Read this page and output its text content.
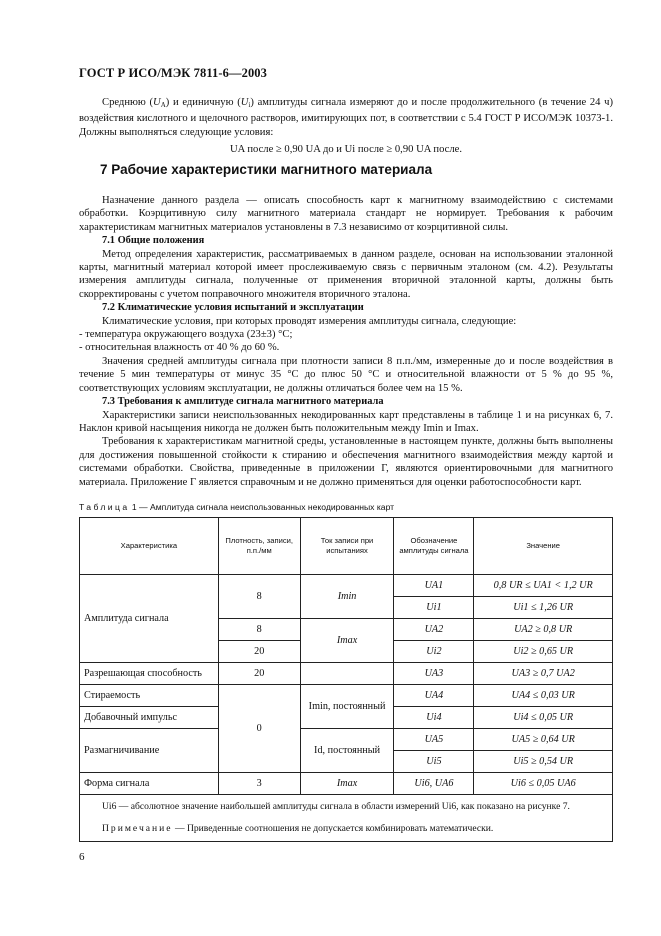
ГОСТ Р ИСО/МЭК 7811-6—2003

Среднюю $(U_A)$ и единичную $(U_i)$ амплитуды сигнала измеряют до и после продолжительного (в течение 24 ч) воздействия кислотного и щелочного растворов, имитирующих пот, в соответствии с 5.4 ГОСТ Р ИСО/МЭК 10373-1. Должны выполняться следующие условия:

UA после ≥ 0,90 UA до и Ui после ≥ 0,90 UA после.

7 Рабочие характеристики магнитного материала

Назначение данного раздела — описать способность карт к магнитному взаимодействию с системами обработки. Коэрцитивную силу магнитного материала стандарт не нормирует. Требования к рабочим характеристикам магнитных материалов установлены в 7.3 независимо от коэрцитивной силы.

7.1 Общие положения

Метод определения характеристик, рассматриваемых в данном разделе, основан на использовании эталонной карты, магнитный материал которой имеет прослеживаемую связь с первичным эталоном (см. 4.2). Результаты измерения амплитуды сигнала, полученные от применения вторичной эталонной карты, должны быть скорректированы с учетом поправочного множителя вторичного эталона.

7.2 Климатические условия испытаний и эксплуатации

Климатические условия, при которых проводят измерения амплитуды сигнала, следующие:

- температура окружающего воздуха (23±3) °С;

- относительная влажность от 40 % до 60 %.

Значения средней амплитуды сигнала при плотности записи 8 п.п./мм, измеренные до и после воздействия в течение 5 мин температуры от минус 35 °С до плюс 50 °С и относительной влажности от 5 % до 95 %, соответствующих условиям эксплуатации, не должны отличаться более чем на 15 %.

7.3 Требования к амплитуде сигнала магнитного материала

Характеристики записи неиспользованных некодированных карт представлены в таблице 1 и на рисунках 6, 7. Наклон кривой насыщения никогда не должен быть положительным между Imin и Imax.

Требования к характеристикам магнитной среды, установленные в настоящем пункте, должны быть выполнены для достижения повышенной стойкости к стиранию и обеспечения магнитного взаимодействия между картой и системами обработки. Свойства, приведенные в приложении Г, являются ориентировочными для магнитного материала. Приложение Г является справочным и не должно применяться для оценки работоспособности карт.

Таблица 1 — Амплитуда сигнала неиспользованных некодированных карт
Характеристика	Плотность, записи, п.п./мм	Ток записи при испытаниях	Обозначение амплитуды сигнала	Значение
Амплитуда сигнала	8	Imin	UA1	0,8 UR ≤ UA1 < 1,2 UR
			Ui1	Ui1 ≤ 1,26 UR
	8	Imax	UA2	UA2 ≥ 0,8 UR
	20		Ui2	Ui2 ≥ 0,65 UR
Разрешающая способность	20		UA3	UA3 ≥ 0,7 UA2
Стираемость	0	Imin, постоянный	UA4	UA4 ≤ 0,03 UR
Добавочный импульс			Ui4	Ui4 ≤ 0,05 UR
Размагничивание		Id, постоянный	UA5	UA5 ≥ 0,64 UR
			Ui5	Ui5 ≥ 0,54 UR
Форма сигнала	3	Imax	Ui6, UA6	Ui6 ≤ 0,05 UA6

Ui6 — абсолютное значение наибольшей амплитуды сигнала в области измерений Ui6, как показано на рисунке 7.

Примечание — Приведенные соотношения не допускается комбинировать математически.				

6
